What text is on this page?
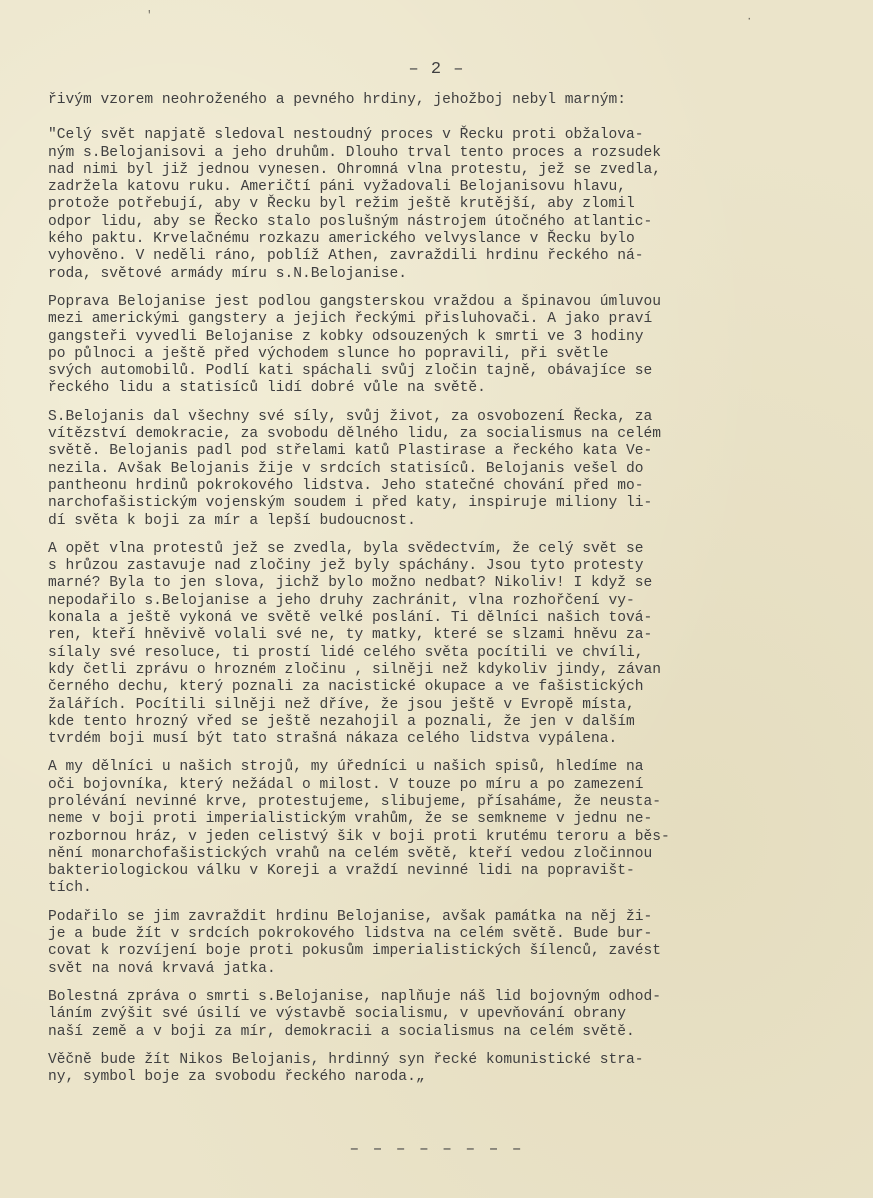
'	·
– 2 –
řivým vzorem neohroženého a pevného hrdiny, jehožboj nebyl marným:
"Celý svět napjatě sledoval nestoudný proces v Řecku proti obžalova-
ným s.Belojanisovi a jeho druhům. Dlouho trval tento proces a rozsudek
nad nimi byl již jednou vynesen. Ohromná vlna protestu, jež se zvedla,
zadržela katovu ruku. Američtí páni vyžadovali Belojanisovu hlavu,
protože potřebují, aby v Řecku byl režim ještě krutější, aby zlomil
odpor lidu, aby se Řecko stalo poslušným nástrojem útočného atlantic-
kého paktu. Krvelačnému rozkazu amerického velvyslance v Řecku bylo
vyhověno. V neděli ráno, poblíž Athen, zavraždili hrdinu řeckého ná-
roda, světové armády míru s.N.Belojanise.
Poprava Belojanise jest podlou gangsterskou vraždou a špinavou úmluvou
mezi americkými gangstery a jejich řeckými přisluhovači. A jako praví
gangsteři vyvedli Belojanise z kobky odsouzených k smrti ve 3 hodiny
po půlnoci a ještě před východem slunce ho popravili, při světle
svých automobilů. Podlí kati spáchali svůj zločin tajně, obávajíce se
řeckého lidu a statisíců lidí dobré vůle na světě.
S.Belojanis dal všechny své síly, svůj život, za osvobození Řecka, za
vítězství demokracie, za svobodu dělného lidu, za socialismus na celém
světě. Belojanis padl pod střelami katů Plastirase a řeckého kata Ve-
nezila. Avšak Belojanis žije v srdcích statisíců. Belojanis vešel do
pantheonu hrdinů pokrokového lidstva. Jeho statečné chování před mo-
narchofašistickým vojenským soudem i před katy, inspiruje miliony li-
dí světa k boji za mír a lepší budoucnost.
A opět vlna protestů jež se zvedla, byla svědectvím, že celý svět se
s hrůzou zastavuje nad zločiny jež byly spáchány. Jsou tyto protesty
marné? Byla to jen slova, jichž bylo možno nedbat? Nikoliv! I když se
nepodařilo s.Belojanise a jeho druhy zachránit, vlna rozhořčení vy-
konala a ještě vykoná ve světě velké poslání. Ti dělníci našich tová-
ren, kteří hněvivě volali své ne, ty matky, které se slzami hněvu za-
sílaly své resoluce, ti prostí lidé celého světa pocítili ve chvíli,
kdy četli zprávu o hrozném zločinu , silněji než kdykoliv jindy, závan
černého dechu, který poznali za nacistické okupace a ve fašistických
žalářích. Pocítili silněji než dříve, že jsou ještě v Evropě místa,
kde tento hrozný vřed se ještě nezahojil a poznali, že jen v dalším
tvrdém boji musí být tato strašná nákaza celého lidstva vypálena.
A my dělníci u našich strojů, my úředníci u našich spisů, hledíme na
oči bojovníka, který nežádal o milost. V touze po míru a po zamezení
prolévání nevinné krve, protestujeme, slibujeme, přísaháme, že neusta-
neme v boji proti imperialistickým vrahům, že se semkneme v jednu ne-
rozbornou hráz, v jeden celistvý šik v boji proti krutému teroru a běs-
nění monarchofašistických vrahů na celém světě, kteří vedou zločinnou
bakteriologickou válku v Koreji a vraždí nevinné lidi na popravišt-
tích.
Podařilo se jim zavraždit hrdinu Belojanise, avšak památka na něj ži-
je a bude žít v srdcích pokrokového lidstva na celém světě. Bude bur-
covat k rozvíjení boje proti pokusům imperialistických šílenců, zavést
svět na nová krvavá jatka.
Bolestná zpráva o smrti s.Belojanise, naplňuje náš lid bojovným odhod-
láním zvýšit své úsilí ve výstavbě socialismu, v upevňování obrany
naší země a v boji za mír, demokracii a socialismus na celém světě.
Věčně bude žít Nikos Belojanis, hrdinný syn řecké komunistické stra-
ny, symbol boje za svobodu řeckého naroda.„
– – – – – – – –
